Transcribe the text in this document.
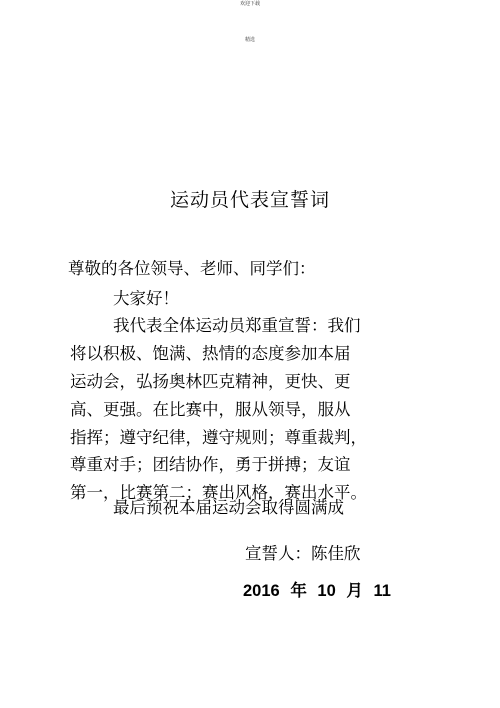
欢迎下载
精选
运动员代表宣誓词
尊敬的各位领导、老师、同学们：
大家好！
我代表全体运动员郑重宣誓：我们
将以积极、饱满、热情的态度参加本届
运动会，弘扬奥林匹克精神，更快、更
高、更强。在比赛中，服从领导，服从
指挥；遵守纪律，遵守规则；尊重裁判，
尊重对手；团结协作，勇于拼搏；友谊
第一，比赛第二；赛出风格，赛出水平。
最后预祝本届运动会取得圆满成
宣誓人：陈佳欣
2016 年 10 月 11
